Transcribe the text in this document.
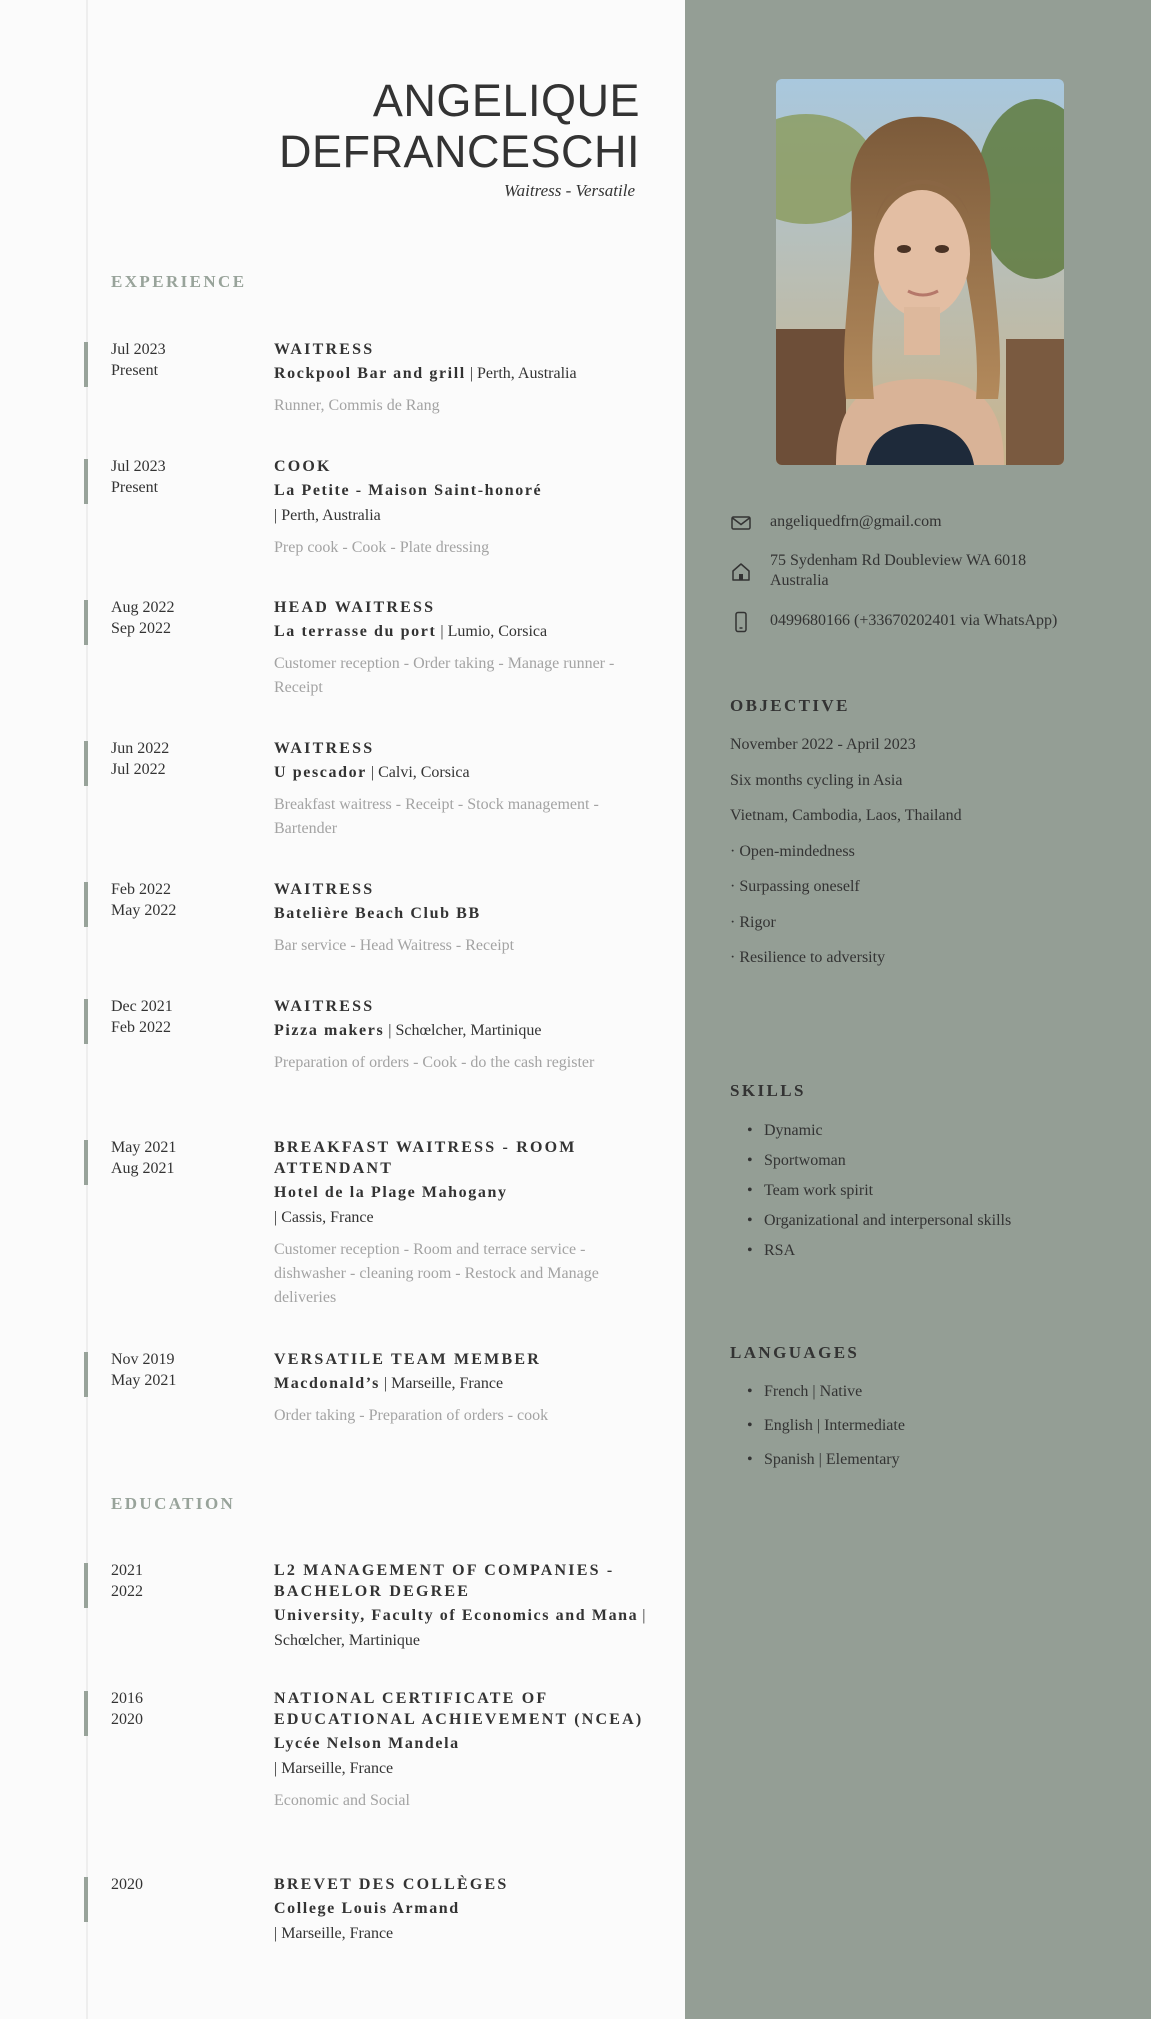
ANGELIQUE
DEFRANCESCHI
Waitress - Versatile
EXPERIENCE
Jul 2023
Present
WAITRESS
Rockpool Bar and grill | Perth, Australia
Runner, Commis de Rang
Jul 2023
Present
COOK
La Petite - Maison Saint-honoré
| Perth, Australia
Prep cook - Cook - Plate dressing
Aug 2022
Sep 2022
HEAD WAITRESS
La terrasse du port | Lumio, Corsica
Customer reception - Order taking - Manage runner - Receipt
Jun 2022
Jul 2022
WAITRESS
U pescador | Calvi, Corsica
Breakfast waitress - Receipt - Stock management - Bartender
Feb 2022
May 2022
WAITRESS
Batelière Beach Club BB
Bar service - Head Waitress - Receipt
Dec 2021
Feb 2022
WAITRESS
Pizza makers | Schœlcher, Martinique
Preparation of orders - Cook - do the cash register
May 2021
Aug 2021
BREAKFAST WAITRESS - ROOM ATTENDANT
Hotel de la Plage Mahogany
| Cassis, France
Customer reception - Room and terrace service - dishwasher - cleaning room - Restock and Manage deliveries
Nov 2019
May 2021
VERSATILE TEAM MEMBER
Macdonald’s | Marseille, France
Order taking - Preparation of orders - cook
EDUCATION
2021
2022
L2 MANAGEMENT OF COMPANIES - BACHELOR DEGREE
University, Faculty of Economics and Mana | Schœlcher, Martinique
2016
2020
NATIONAL CERTIFICATE OF EDUCATIONAL ACHIEVEMENT (NCEA)
Lycée Nelson Mandela
| Marseille, France
Economic and Social
2020	BREVET DES COLLÈGES
College Louis Armand
| Marseille, France
angeliquedfrn@gmail.com
75 Sydenham Rd Doubleview WA 6018
Australia
0499680166 (+33670202401 via WhatsApp)
OBJECTIVE
November 2022 - April 2023
Six months cycling in Asia
Vietnam, Cambodia, Laos, Thailand
· Open-mindedness
· Surpassing oneself
· Rigor
· Resilience to adversity
SKILLS
• Dynamic
• Sportwoman
• Team work spirit
• Organizational and interpersonal skills
• RSA
LANGUAGES
• French | Native
• English | Intermediate
• Spanish | Elementary
